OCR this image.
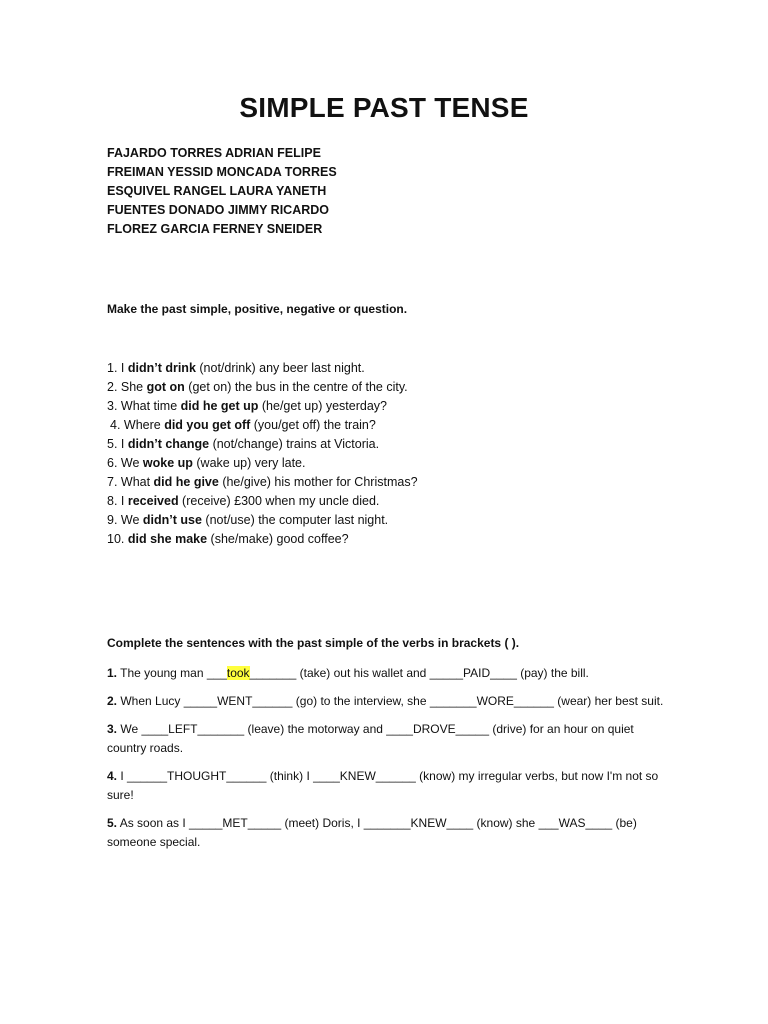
SIMPLE PAST TENSE
FAJARDO TORRES ADRIAN FELIPE
FREIMAN YESSID MONCADA TORRES
ESQUIVEL RANGEL LAURA YANETH
FUENTES DONADO JIMMY RICARDO
FLOREZ GARCIA FERNEY SNEIDER
Make the past simple, positive, negative or question.
1. I didn’t drink (not/drink) any beer last night.
2. She got on (get on) the bus in the centre of the city.
3. What time did he get up (he/get up) yesterday?
4. Where did you get off (you/get off) the train?
5. I didn’t change (not/change) trains at Victoria.
6. We woke up (wake up) very late.
7. What did he give (he/give) his mother for Christmas?
8. I received (receive) £300 when my uncle died.
9. We didn’t use (not/use) the computer last night.
10. did she make (she/make) good coffee?
Complete the sentences with the past simple of the verbs in brackets ( ).
1. The young man ___took_______ (take) out his wallet and _____PAID____ (pay) the bill.
2. When Lucy _____WENT______ (go) to the interview, she _______WORE______ (wear) her best suit.
3. We ____LEFT_______ (leave) the motorway and ____DROVE_____ (drive) for an hour on quiet country roads.
4. I ______THOUGHT______ (think) I ____KNEW______ (know) my irregular verbs, but now I'm not so sure!
5. As soon as I _____MET_____ (meet) Doris, I _______KNEW____ (know) she ___WAS____ (be) someone special.
